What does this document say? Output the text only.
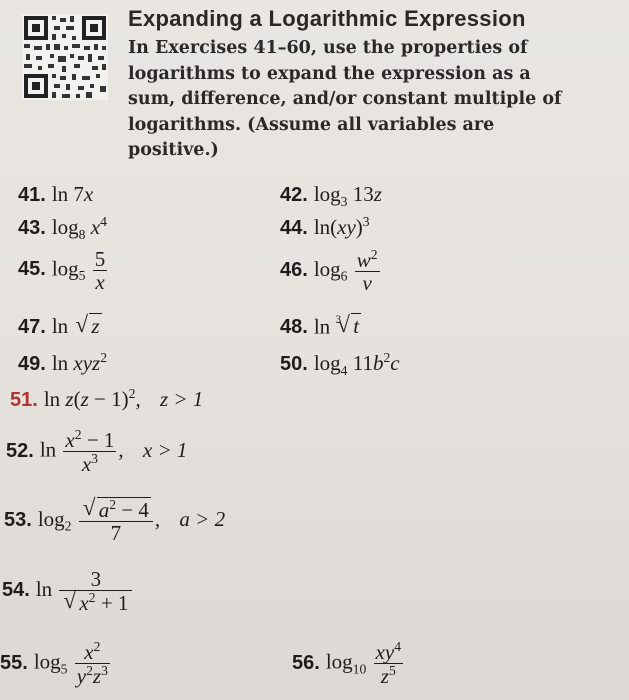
Expanding a Logarithmic Expression
In Exercises 41–60, use the properties of logarithms to expand the expression as a sum, difference, and/or constant multiple of logarithms. (Assume all variables are positive.)
41. ln 7x	42. $\log_3 13z$
43. $\log_8 x^4$	44. ln(xy)$^3$
45. $\log_5 \frac{5}{x}$	46. $\log_6 \frac{w^2}{v}$
47. ln √ z	48. ln $^3$ √ t
49. ln xyz$^2$	50. $\log_4 11b^2c$
51. $\ln z(z - 1)^2$, z > 1
52. $\ln \frac{x^2 - 1}{x^3}$ , x > 1
53. $\log_2$ √ $\frac{a^2 - 4}{7}$ , a > 2
54. ln 3
√ $x^2 + 1$
55. $\log_5 \frac{x^2}{y^2z^3}$	56. $\log_{10} \frac{xy^4}{z^5}$
